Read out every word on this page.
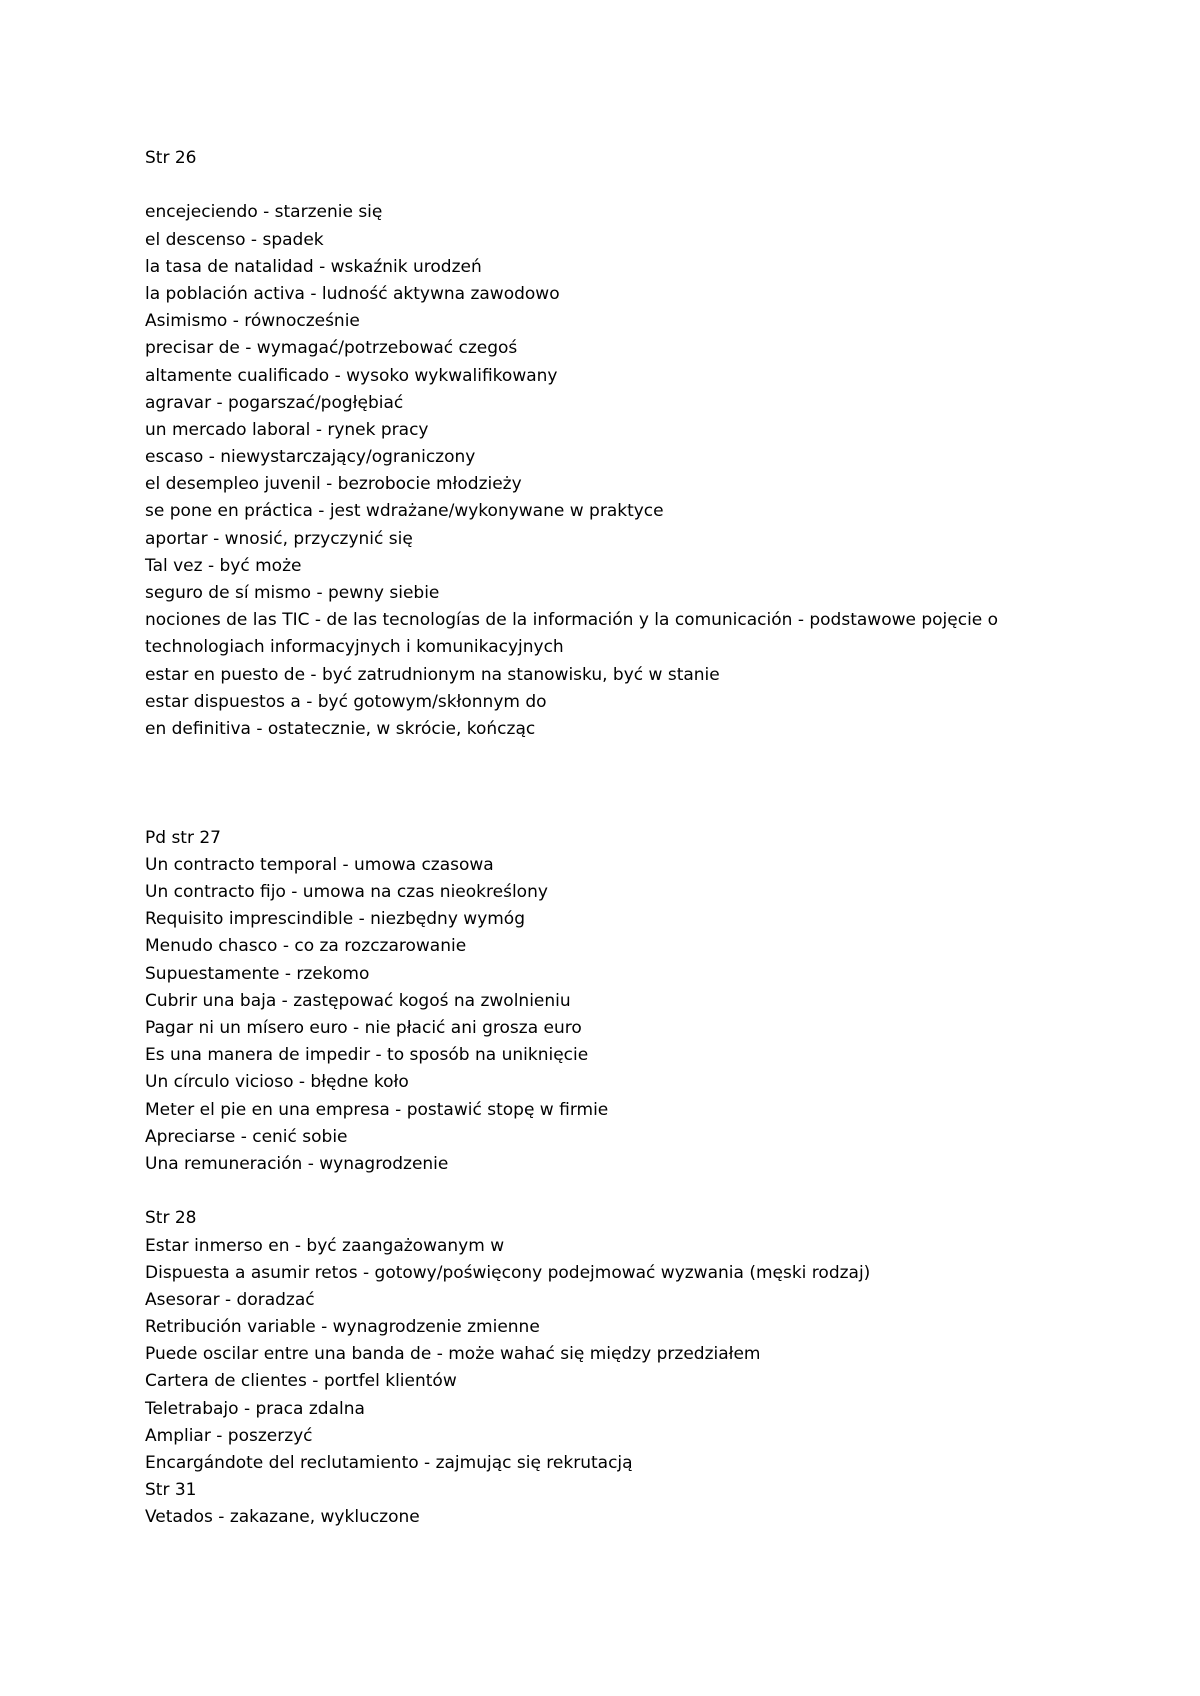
Str 26
encejeciendo - starzenie się
el descenso - spadek
la tasa de natalidad - wskaźnik urodzeń
la población activa - ludność aktywna zawodowo
Asimismo - równocześnie
precisar de - wymagać/potrzebować czegoś
altamente cualificado - wysoko wykwalifikowany
agravar - pogarszać/pogłębiać
un mercado laboral - rynek pracy
escaso - niewystarczający/ograniczony
el desempleo juvenil - bezrobocie młodzieży
se pone en práctica - jest wdrażane/wykonywane w praktyce
aportar - wnosić, przyczynić się
Tal vez - być może
seguro de sí mismo - pewny siebie
nociones de las TIC - de las tecnologías de la información y la comunicación - podstawowe pojęcie o
technologiach informacyjnych i komunikacyjnych
estar en puesto de - być zatrudnionym na stanowisku, być w stanie
estar dispuestos a - być gotowym/skłonnym do
en definitiva - ostatecznie, w skrócie, kończąc
Pd str 27
Un contracto temporal - umowa czasowa
Un contracto fijo - umowa na czas nieokreślony
Requisito imprescindible - niezbędny wymóg
Menudo chasco - co za rozczarowanie
Supuestamente - rzekomo
Cubrir una baja - zastępować kogoś na zwolnieniu
Pagar ni un mísero euro - nie płacić ani grosza euro
Es una manera de impedir - to sposób na uniknięcie
Un círculo vicioso - błędne koło
Meter el pie en una empresa - postawić stopę w firmie
Apreciarse - cenić sobie
Una remuneración - wynagrodzenie
Str 28
Estar inmerso en - być zaangażowanym w
Dispuesta a asumir retos - gotowy/poświęcony podejmować wyzwania (męski rodzaj)
Asesorar - doradzać
Retribución variable - wynagrodzenie zmienne
Puede oscilar entre una banda de - może wahać się między przedziałem
Cartera de clientes - portfel klientów
Teletrabajo - praca zdalna
Ampliar - poszerzyć
Encargándote del reclutamiento - zajmując się rekrutacją
Str 31
Vetados - zakazane, wykluczone
